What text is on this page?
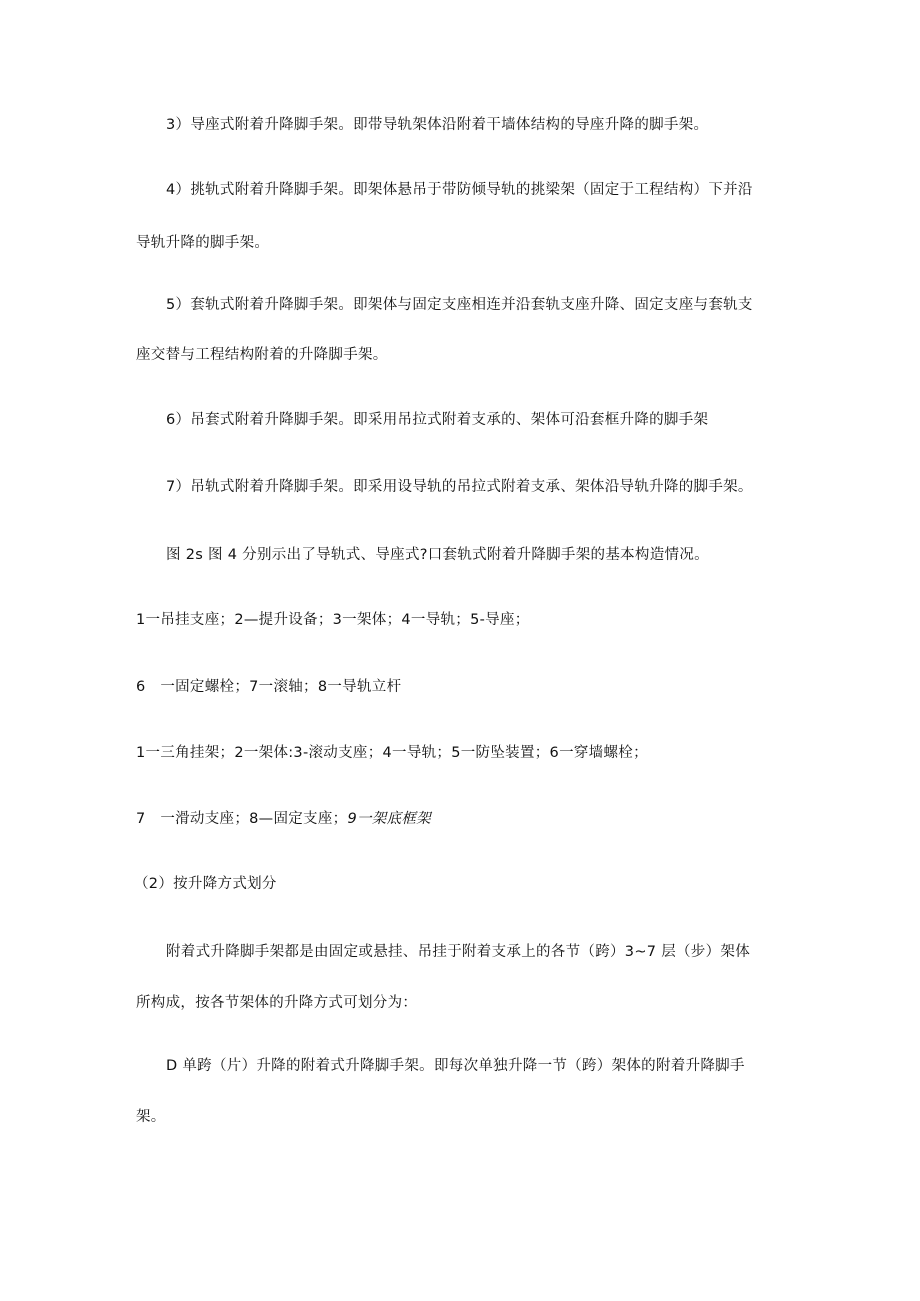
3）导座式附着升降脚手架。即带导轨架体沿附着干墙体结构的导座升降的脚手架。
4）挑轨式附着升降脚手架。即架体悬吊于带防倾导轨的挑梁架（固定于工程结构）下并沿
导轨升降的脚手架。
5）套轨式附着升降脚手架。即架体与固定支座相连并沿套轨支座升降、固定支座与套轨支
座交替与工程结构附着的升降脚手架。
6）吊套式附着升降脚手架。即采用吊拉式附着支承的、架体可沿套框升降的脚手架
7）吊轨式附着升降脚手架。即采用设导轨的吊拉式附着支承、架体沿导轨升降的脚手架。
图 2s 图 4 分别示出了导轨式、导座式?口套轨式附着升降脚手架的基本构造情况。
1一吊挂支座；2—提升设备；3一架体；4一导轨；5-导座；
6　一固定螺栓；7一滚轴；8一导轨立杆
1一三角挂架；2一架体:3-滚动支座；4一导轨；5一防坠装置；6一穿墙螺栓；
7　一滑动支座；8—固定支座；9一架底框架
（2）按升降方式划分
附着式升降脚手架都是由固定或悬挂、吊挂于附着支承上的各节（跨）3~7 层（步）架体
所构成，按各节架体的升降方式可划分为：
D 单跨（片）升降的附着式升降脚手架。即每次单独升降一节（跨）架体的附着升降脚手
架。
